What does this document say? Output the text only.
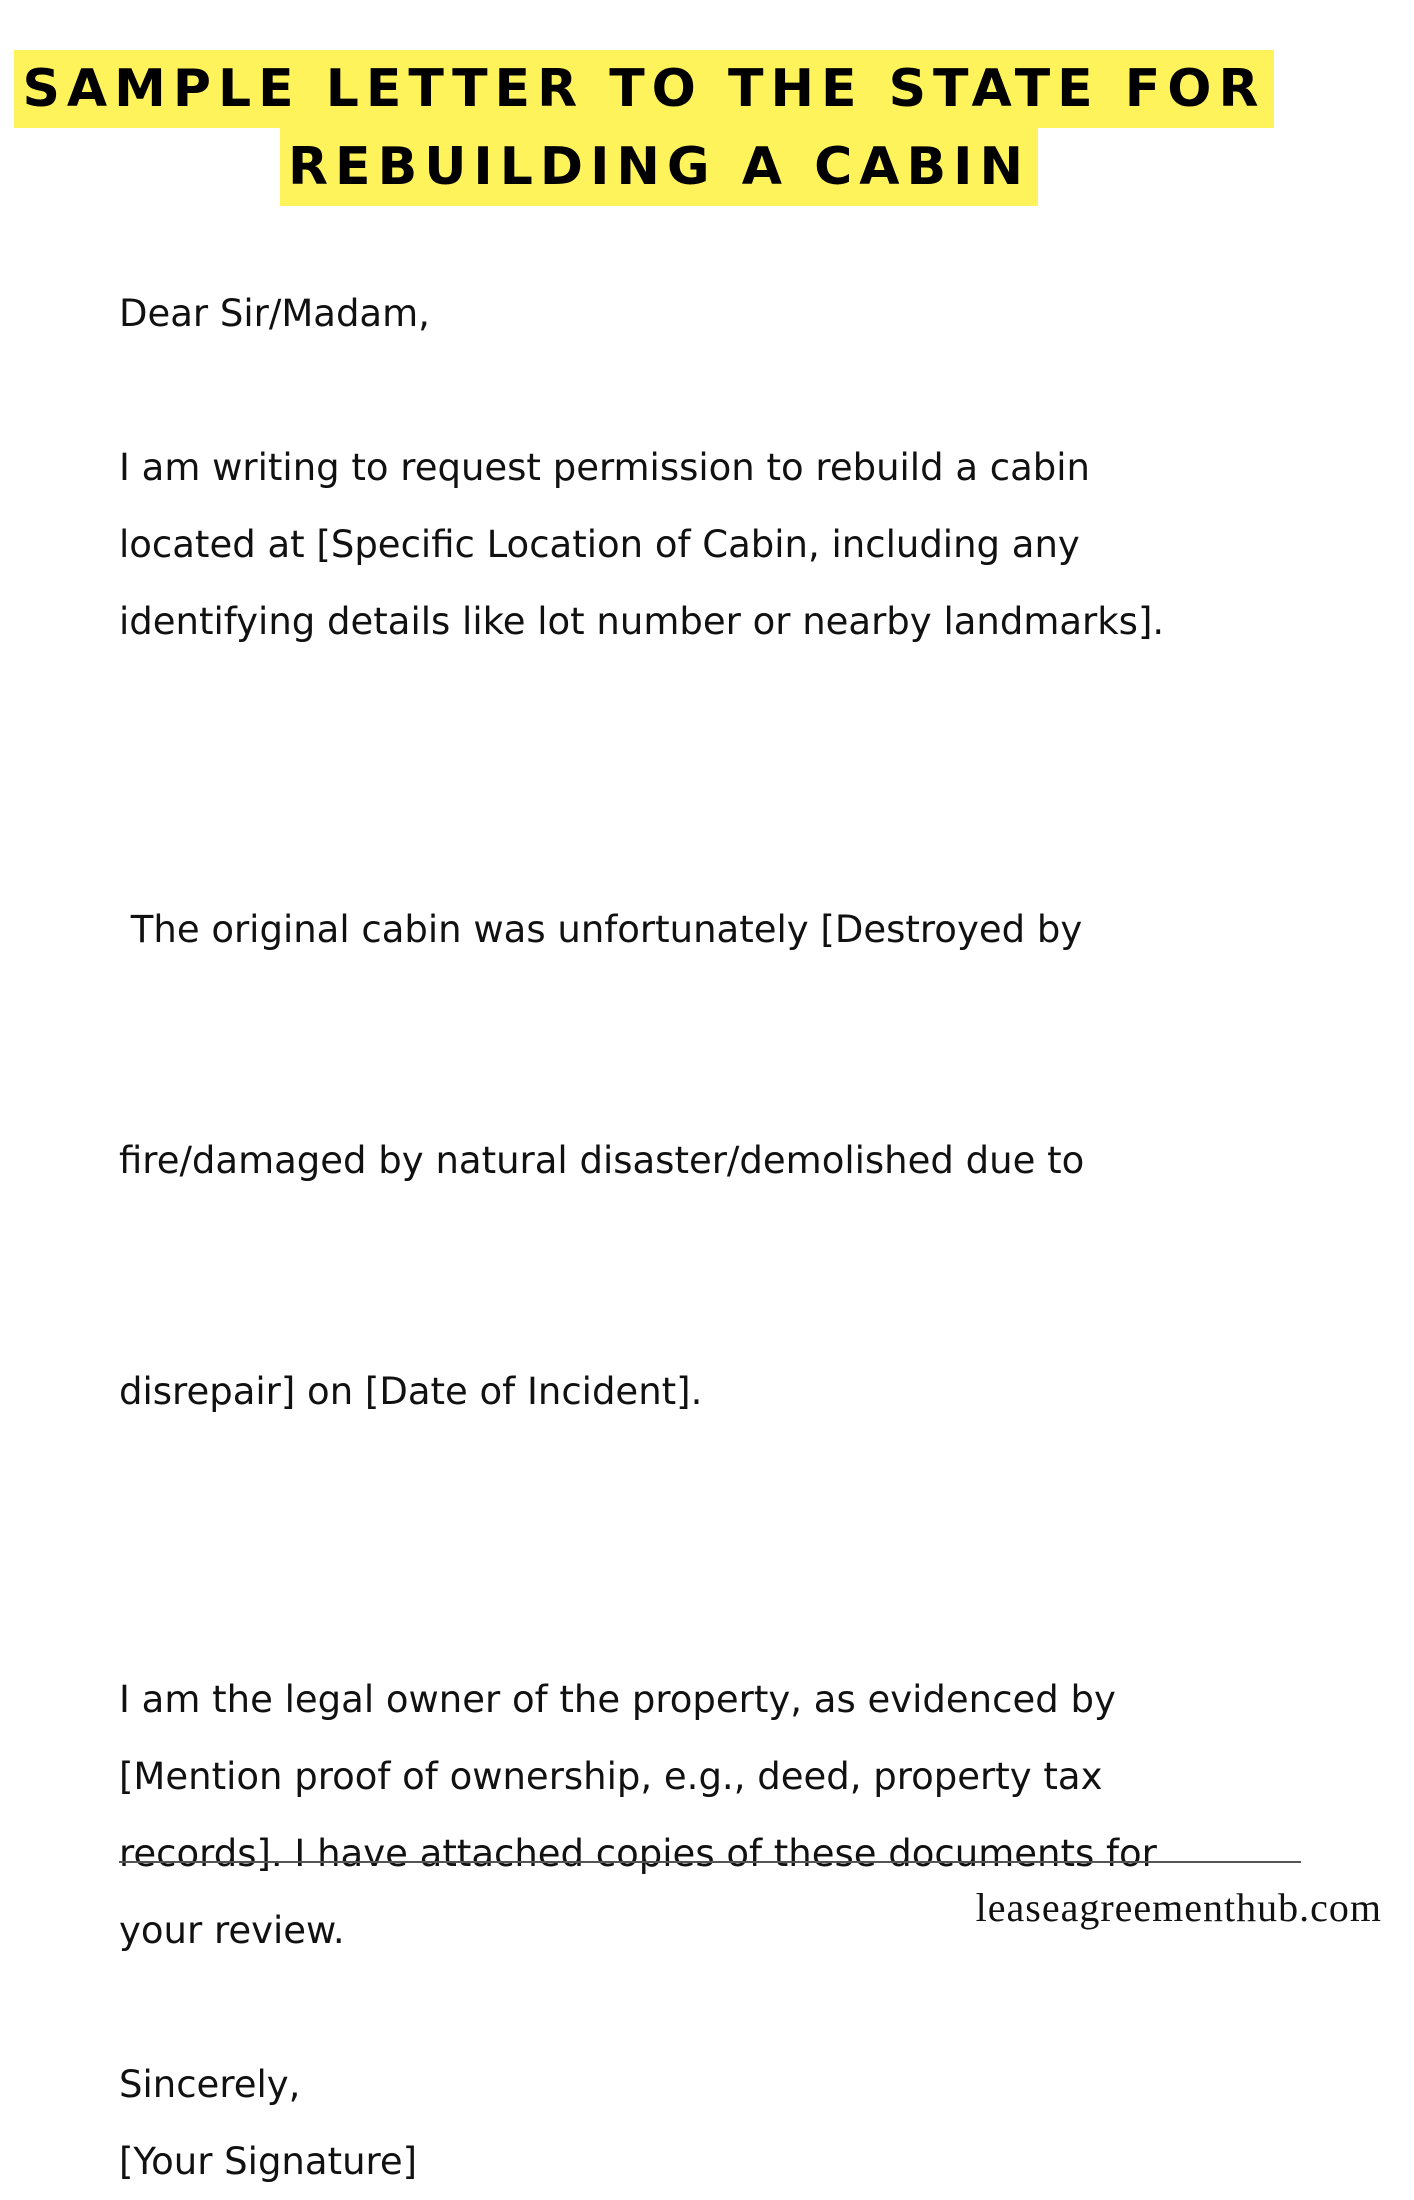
SAMPLE LETTER TO THE STATE FOR
REBUILDING A CABIN

Dear Sir/Madam,

I am writing to request permission to rebuild a cabin
located at [Specific Location of Cabin, including any
identifying details like lot number or nearby landmarks].

The original cabin was unfortunately [Destroyed by

fire/damaged by natural disaster/demolished due to

disrepair] on [Date of Incident].

I am the legal owner of the property, as evidenced by
[Mention proof of ownership, e.g., deed, property tax
records]. I have attached copies of these documents for
your review.

Sincerely,
[Your Signature]
leaseagreementhub.com
